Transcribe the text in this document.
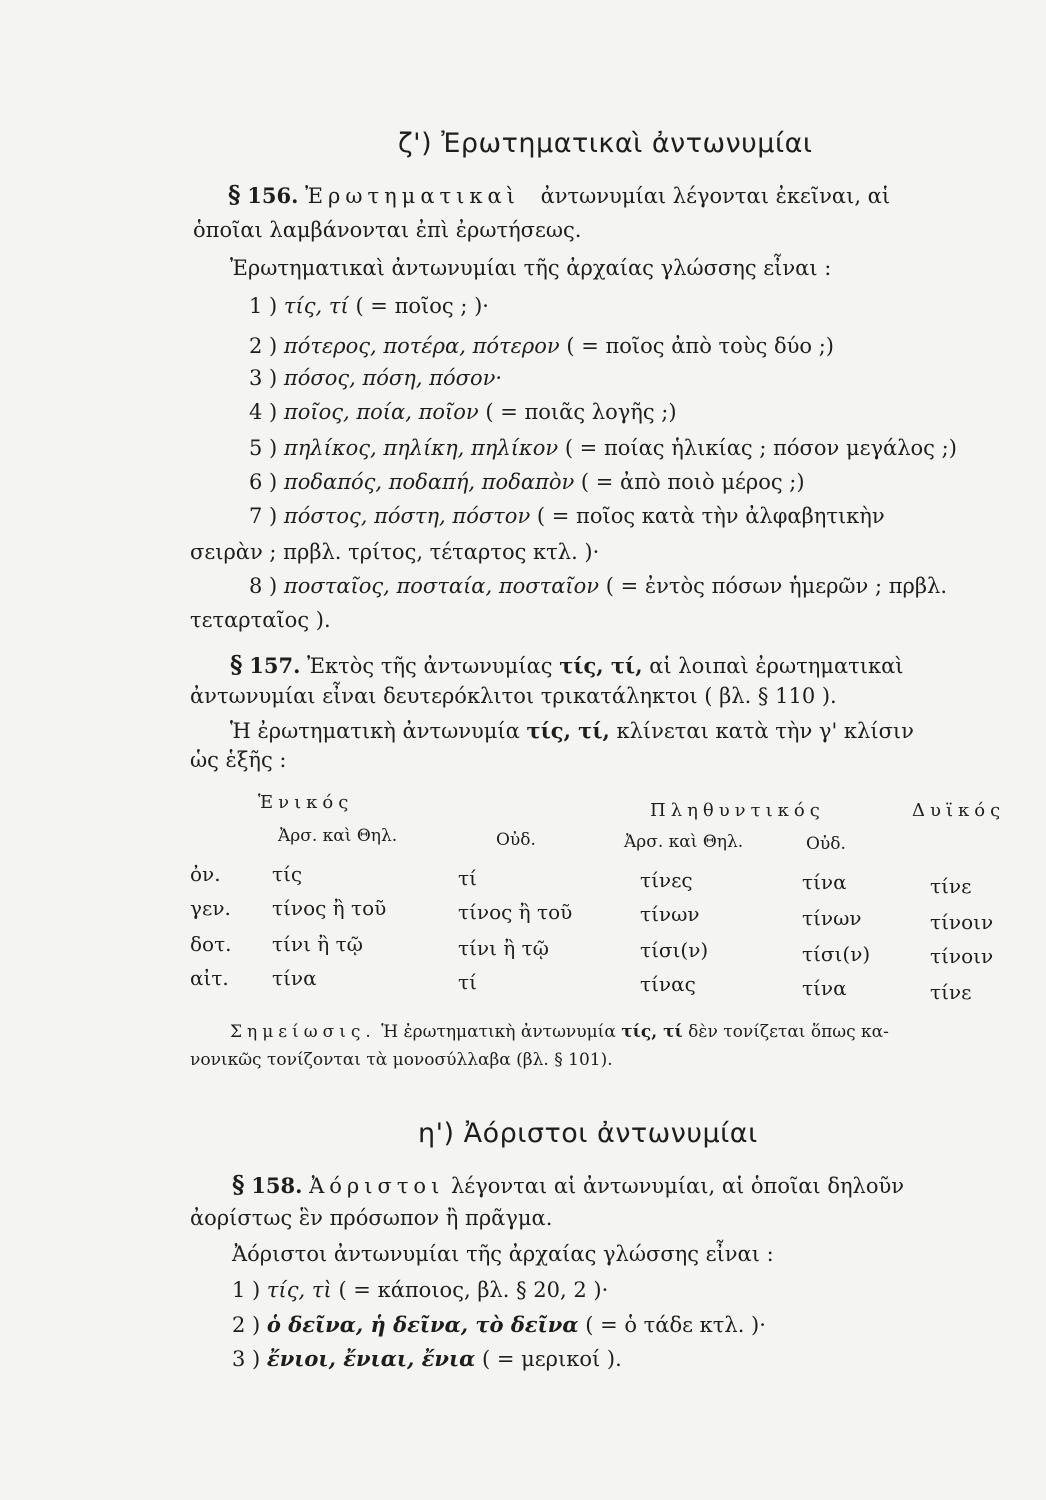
ζ') Ἐρωτηματικαὶ ἀντωνυμίαι
§ 156. Ἐρωτηματικαὶ ἀντωνυμίαι λέγονται ἐκεῖναι, αἱ
ὁποῖαι λαμβάνονται ἐπὶ ἐρωτήσεως.
Ἐρωτηματικαὶ ἀντωνυμίαι τῆς ἀρχαίας γλώσσης εἶναι :
1 ) τίς, τί ( = ποῖος ; )·
2 ) πότερος, ποτέρα, πότερον ( = ποῖος ἀπὸ τοὺς δύο ;)
3 ) πόσος, πόση, πόσον·
4 ) ποῖος, ποία, ποῖον ( = ποιᾶς λογῆς ;)
5 ) πηλίκος, πηλίκη, πηλίκον ( = ποίας ἡλικίας ; πόσον μεγάλος ;)
6 ) ποδαπός, ποδαπή, ποδαπὸν ( = ἀπὸ ποιὸ μέρος ;)
7 ) πόστος, πόστη, πόστον ( = ποῖος κατὰ τὴν ἀλφαβητικὴν
σειρὰν ; πρβλ. τρίτος, τέταρτος κτλ. )·
8 ) ποσταῖος, ποσταία, ποσταῖον ( = ἐντὸς πόσων ἡμερῶν ; πρβλ.
τεταρταῖος ).
§ 157. Ἐκτὸς τῆς ἀντωνυμίας τίς, τί, αἱ λοιπαὶ ἐρωτηματικαὶ
ἀντωνυμίαι εἶναι δευτερόκλιτοι τρικατάληκτοι ( βλ. § 110 ).
Ἡ ἐρωτηματικὴ ἀντωνυμία τίς, τί, κλίνεται κατὰ τὴν γ' κλίσιν
ὡς ἑξῆς :
Ἑνικός	Πληθυντικός	Δυϊκός
Ἀρσ. καὶ Θηλ.	Οὐδ.	Ἀρσ. καὶ Θηλ.	Οὐδ.
ὀν.	τίς	τί	τίνες	τίνα	τίνε
γεν. τίνος ἢ τοῦ	τίνος ἢ τοῦ	τίνων	τίνων	τίνοιν
δοτ. τίνι ἢ τῷ	τίνι ἢ τῷ	τίσι(ν)	τίσι(ν)	τίνοιν
αἰτ. τίνα	τί	τίνας	τίνα	τίνε
Σημείωσις. Ἡ ἐρωτηματικὴ ἀντωνυμία τίς, τί δὲν τονίζεται ὅπως κα-
νονικῶς τονίζονται τὰ μονοσύλλαβα (βλ. § 101).
η') Ἀόριστοι ἀντωνυμίαι
§ 158. Ἀόριστοι λέγονται αἱ ἀντωνυμίαι, αἱ ὁποῖαι δηλοῦν
ἀορίστως ἓν πρόσωπον ἢ πρᾶγμα.
Ἀόριστοι ἀντωνυμίαι τῆς ἀρχαίας γλώσσης εἶναι :
1 ) τίς, τὶ ( = κάποιος, βλ. § 20, 2 )·
2 ) ὁ δεῖνα, ἡ δεῖνα, τὸ δεῖνα ( = ὁ τάδε κτλ. )·
3 ) ἔνιοι, ἔνιαι, ἔνια ( = μερικοί ).
